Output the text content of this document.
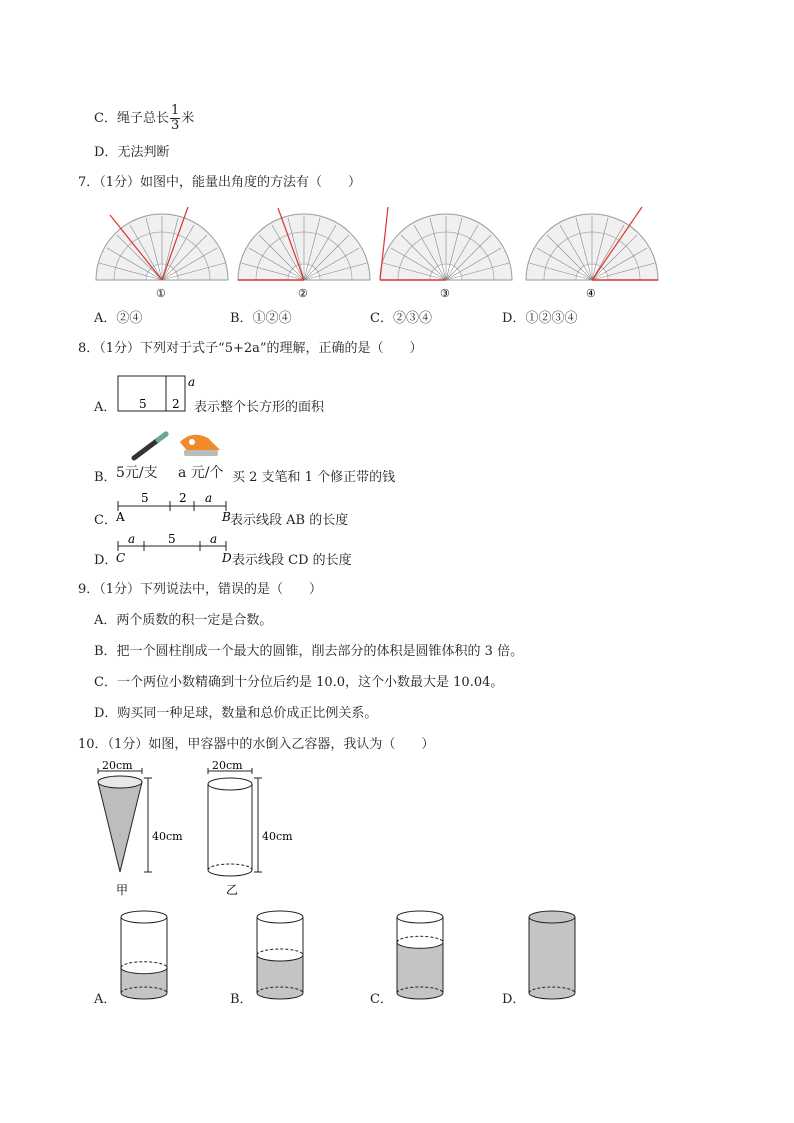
C．绳子总长 $\frac{1}{3}$ 米
D．无法判断
7．（1分）如图中，能量出角度的方法有（　　）
①	②	③	④
A．②④	B．①②④	C．②③④	D．①②③④
8．（1分）下列对于式子“5+2a”的理解，正确的是（　　）
A． 5 2
a
表示整个长方形的面积
B． 5元/支 a 元/个 买 2 支笔和 1 个修正带的钱
C．
5	2 a
A	B 表示线段 AB 的长度
D．
a	5	a
C	D 表示线段 CD 的长度
9．（1分）下列说法中，错误的是（　　）
A．两个质数的积一定是合数。
B．把一个圆柱削成一个最大的圆锥，削去部分的体积是圆锥体积的 3 倍。
C．一个两位小数精确到十分位后约是 10.0，这个小数最大是 10.04。
D．购买同一种足球，数量和总价成正比例关系。
10．（1分）如图，甲容器中的水倒入乙容器，我认为（　　）
20cm
40cm
甲
20cm
40cm
乙
A．	B．	C．	D．
